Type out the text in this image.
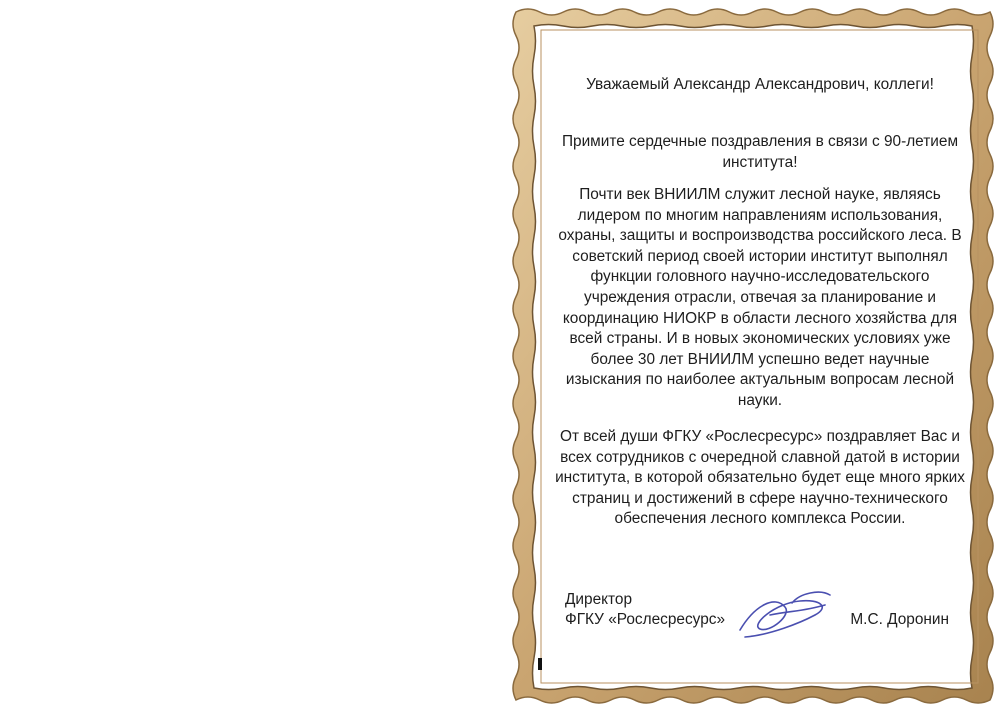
Уважаемый Александр Александрович, коллеги!
Примите сердечные поздравления в связи с 90-летием института!
Почти век ВНИИЛМ служит лесной науке, являясь лидером по многим направлениям использования, охраны, защиты и воспроизводства российского леса. В советский период своей истории институт выполнял функции головного научно-исследовательского учреждения отрасли, отвечая за планирование и координацию НИОКР в области лесного хозяйства для всей страны. И в новых экономических условиях уже более 30 лет ВНИИЛМ успешно ведет научные изыскания по наиболее актуальным вопросам лесной науки.
От всей души ФГКУ «Рослесресурс» поздравляет Вас и всех сотрудников с очередной славной датой в истории института, в которой обязательно будет еще много ярких страниц и достижений в сфере научно-технического обеспечения лесного комплекса России.
Директор
ФГКУ «Рослесресурс»	М.С. Доронин
